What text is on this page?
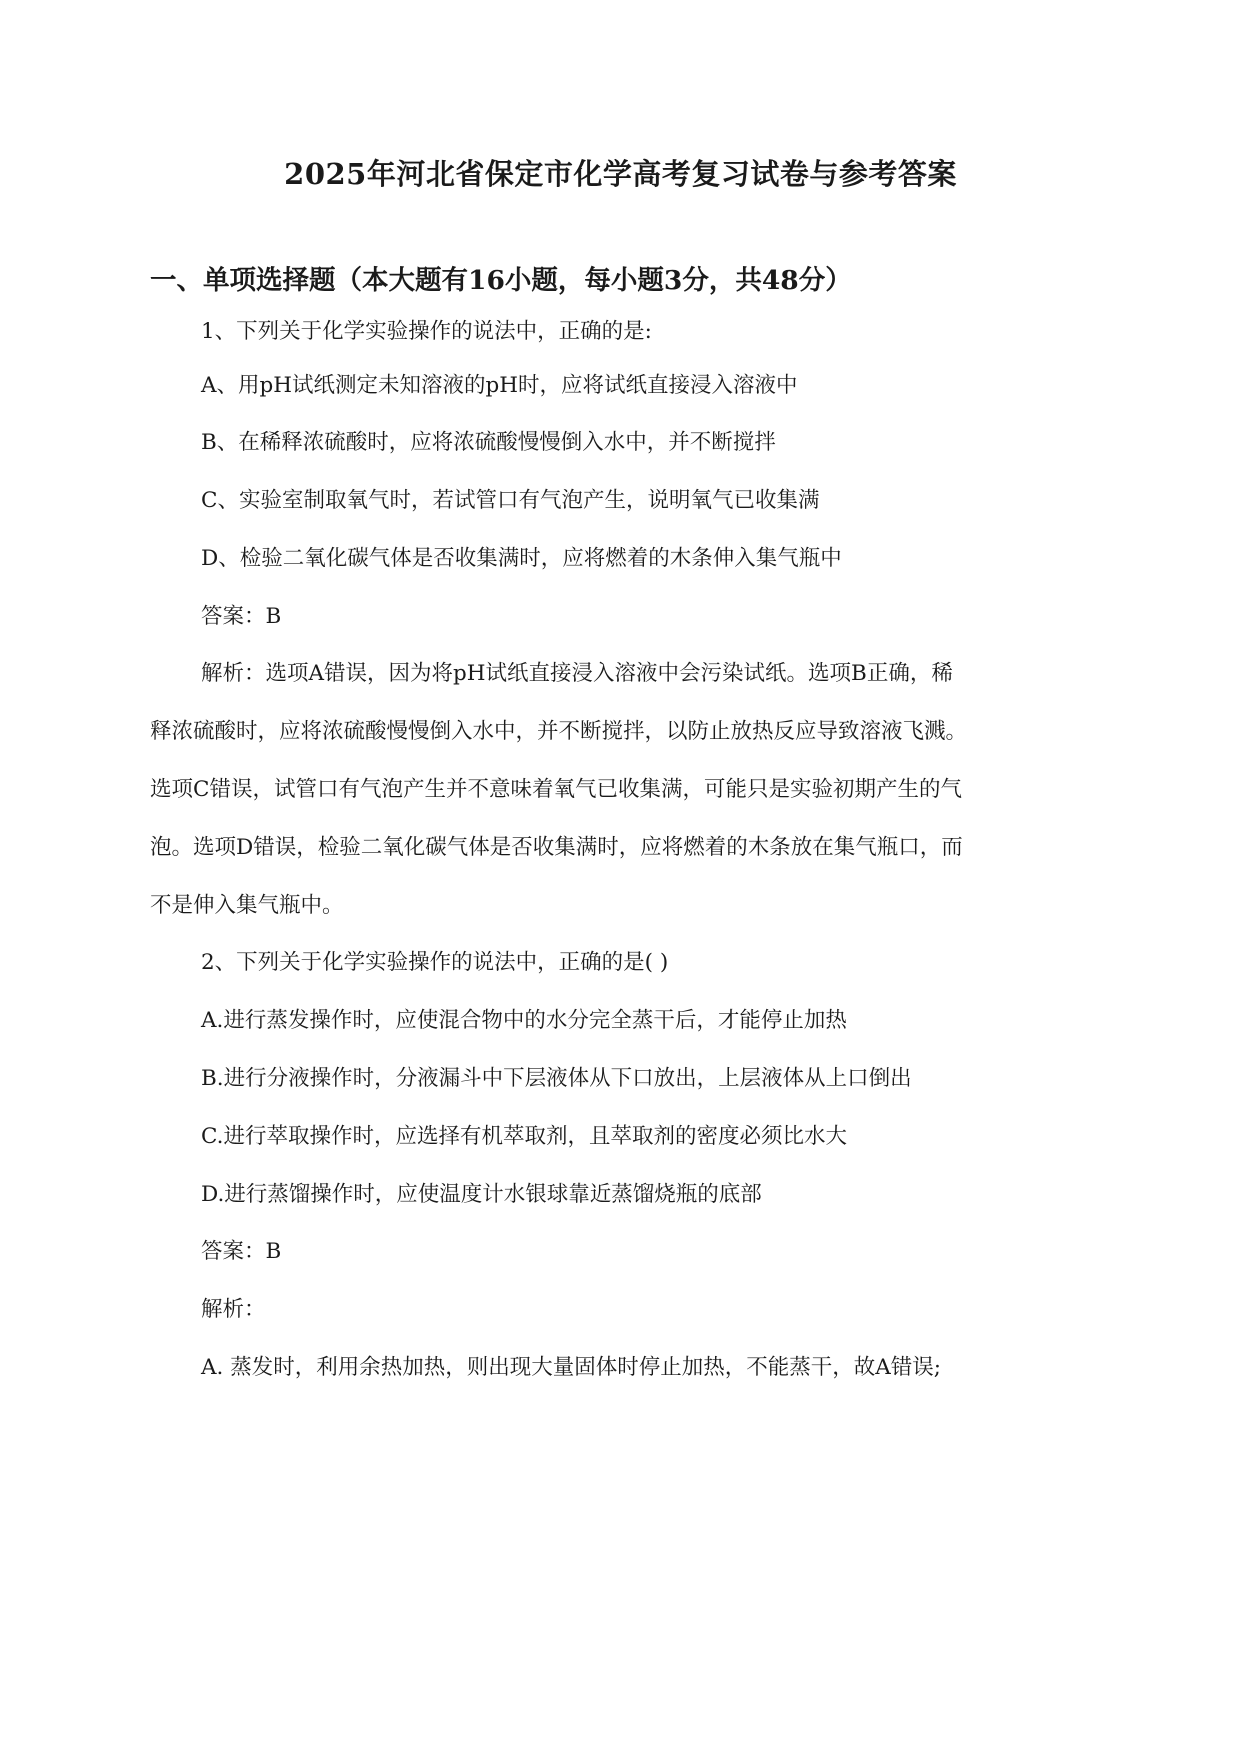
2025年河北省保定市化学高考复习试卷与参考答案
一、单项选择题（本大题有16小题，每小题3分，共48分）
1、下列关于化学实验操作的说法中，正确的是:
A、用pH试纸测定未知溶液的pH时，应将试纸直接浸入溶液中
B、在稀释浓硫酸时，应将浓硫酸慢慢倒入水中，并不断搅拌
C、实验室制取氧气时，若试管口有气泡产生，说明氧气已收集满
D、检验二氧化碳气体是否收集满时，应将燃着的木条伸入集气瓶中
答案：B
解析：选项A错误，因为将pH试纸直接浸入溶液中会污染试纸。选项B正确，稀
释浓硫酸时，应将浓硫酸慢慢倒入水中，并不断搅拌，以防止放热反应导致溶液飞溅。
选项C错误，试管口有气泡产生并不意味着氧气已收集满，可能只是实验初期产生的气
泡。选项D错误，检验二氧化碳气体是否收集满时，应将燃着的木条放在集气瓶口，而
不是伸入集气瓶中。
2、下列关于化学实验操作的说法中，正确的是( )
A.进行蒸发操作时，应使混合物中的水分完全蒸干后，才能停止加热
B.进行分液操作时，分液漏斗中下层液体从下口放出，上层液体从上口倒出
C.进行萃取操作时，应选择有机萃取剂，且萃取剂的密度必须比水大
D.进行蒸馏操作时，应使温度计水银球靠近蒸馏烧瓶的底部
答案：B
解析：
A. 蒸发时，利用余热加热，则出现大量固体时停止加热，不能蒸干，故A错误;
